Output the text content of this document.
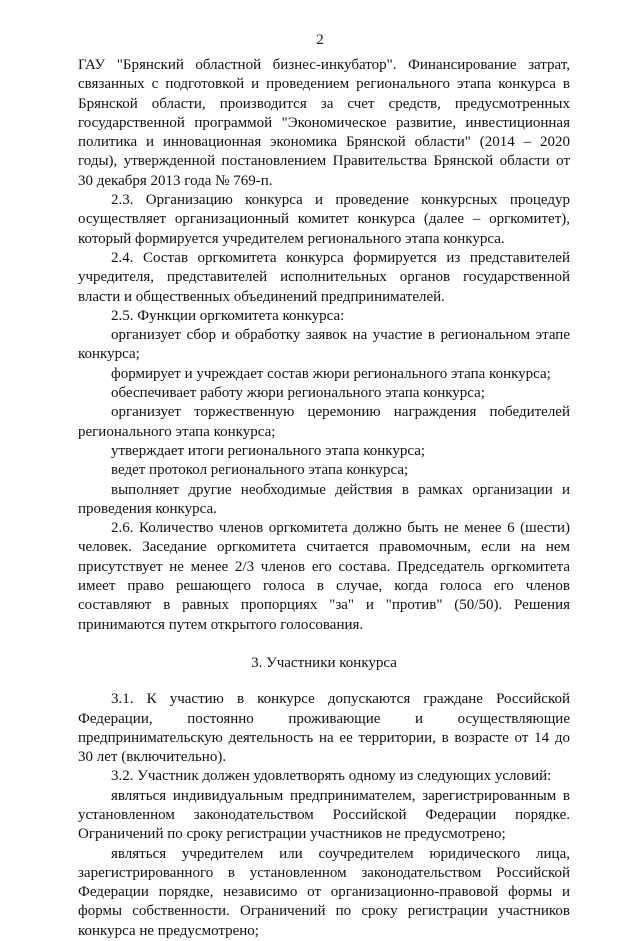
2

ГАУ "Брянский областной бизнес-инкубатор". Финансирование затрат, связанных с подготовкой и проведением регионального этапа конкурса в Брянской области, производится за счет средств, предусмотренных государственной программой "Экономическое развитие, инвестиционная политика и инновационная экономика Брянской области" (2014 – 2020 годы), утвержденной постановлением Правительства Брянской области от 30 декабря 2013 года № 769-п.

2.3. Организацию конкурса и проведение конкурсных процедур осуществляет организационный комитет конкурса (далее – оргкомитет), который формируется учредителем регионального этапа конкурса.

2.4. Состав оргкомитета конкурса формируется из представителей учредителя, представителей исполнительных органов государственной власти и общественных объединений предпринимателей.

2.5. Функции оргкомитета конкурса:

организует сбор и обработку заявок на участие в региональном этапе конкурса;

формирует и учреждает состав жюри регионального этапа конкурса;

обеспечивает работу жюри регионального этапа конкурса;

организует торжественную церемонию награждения победителей регионального этапа конкурса;

утверждает итоги регионального этапа конкурса;

ведет протокол регионального этапа конкурса;

выполняет другие необходимые действия в рамках организации и проведения конкурса.

2.6. Количество членов оргкомитета должно быть не менее 6 (шести) человек. Заседание оргкомитета считается правомочным, если на нем присутствует не менее 2/3 членов его состава. Председатель оргкомитета имеет право решающего голоса в случае, когда голоса его членов составляют в равных пропорциях "за" и "против" (50/50). Решения принимаются путем открытого голосования.

3. Участники конкурса

3.1. К участию в конкурсе допускаются граждане Российской Федерации, постоянно проживающие и осуществляющие предпринимательскую деятельность на ее территории, в возрасте от 14 до 30 лет (включительно).

3.2. Участник должен удовлетворять одному из следующих условий:

являться индивидуальным предпринимателем, зарегистрированным в установленном законодательством Российской Федерации порядке. Ограничений по сроку регистрации участников не предусмотрено;

являться учредителем или соучредителем юридического лица, зарегистрированного в установленном законодательством Российской Федерации порядке, независимо от организационно-правовой формы и формы собственности. Ограничений по сроку регистрации участников конкурса не предусмотрено;
